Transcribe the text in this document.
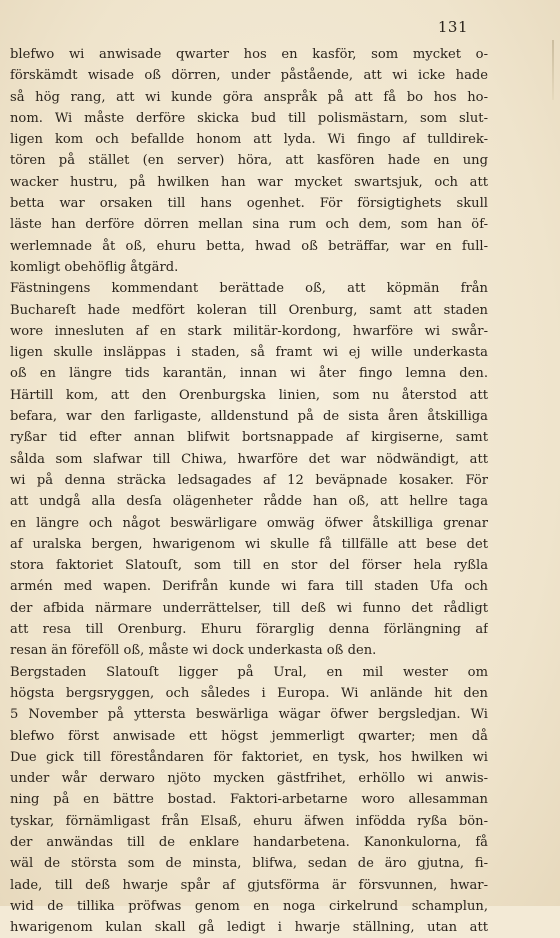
131
blefwo wi anwisade qwarter hos en kasför, som mycket o-
förskämdt wisade oß dörren, under påståendе, att wi icke hade
så hög rang, att wi kunde göra anspråk på att få bo hos ho-
nom. Wi måste derföre skicka bud till polismästarn, som slut-
ligen kom och befallde honom att lyda. Wi fingo af tulldirek-
tören på stället (en server) höra, att kasfören hade en ung
wacker hustru, på hwilken han war mycket swartsjuk, och att
betta war orsaken till hans ogenhet. För försigtighets skull
läste han derföre dörren mellan sina rum och dem, som han öf-
werlemnade åt oß, ehuru betta, hwad oß beträffar, war en full-
komligt obehöflig åtgärd.
Fästningens kommendant berättade oß, att köpmän från
Buchareſt hade medfört koleran till Orenburg, samt att staden
wore innesluten af en stark militär-kordong, hwarföre wi swår-
ligen skulle insläppas i staden, så framt wi ej wille underkasta
oß en längre tids karantän, innan wi åter fingo lemna den.
Härtill kom, att den Orenburgska linien, som nu återstod att
befara, war den farligaste, alldenstund på de sista åren åtskilliga
ryßar tid efter annan blifwit bortsnappade af kirgiserne, samt
sålda som slafwar till Chiwa, hwarföre det war nödwändigt, att
wi på denna sträcka ledsagades af 12 beväpnade kosaker. För
att undgå alla desſa olägenheter rådde han oß, att hellre taga
en längre och något beswärligare omwäg öfwer åtskilliga grenar
af uralska bergen, hwarigenom wi skulle få tillfälle att bese det
stora faktoriet Slatouſt, som till en stor del förser hela ryßla
armén med wapen. Derifrån kunde wi fara till staden Ufa och
der afbida närmare underrättelser, till deß wi funno det rådligt
att resa till Orenburg. Ehuru förarglig denna förlängning af
resan än föreföll oß, måste wi dock underkasta oß den.
Bergstaden Slatouſt ligger på Ural, en mil wester om
högsta bergsryggen, och således i Europa. Wi anlände hit den
5 November på yttersta beswärliga wägar öfwer bergsledjan. Wi
blefwo först anwisade ett högst jemmerligt qwarter; men då
Due gick till föreståndaren för faktoriet, en tysk, hos hwilken wi
under wår derwaro njöto mycken gästfrihet, erhöllo wi anwis-
ning på en bättre bostad. Faktori-arbetarne woro allesamman
tyskar, förnämligast från Elsaß, ehuru äfwen infödda ryßa bön-
der anwändas till de enklare handarbetena. Kanonkulorna, få
wäl de största som de minsta, blifwa, sedan de äro gjutna, fi-
lade, till deß hwarje spår af gjutsförma är försvunnen, hwar-
wid de tillika pröfwas genom en noga cirkelrund schamplun,
hwarigenom kulan skall gå ledigt i hwarje ställning, utan att
